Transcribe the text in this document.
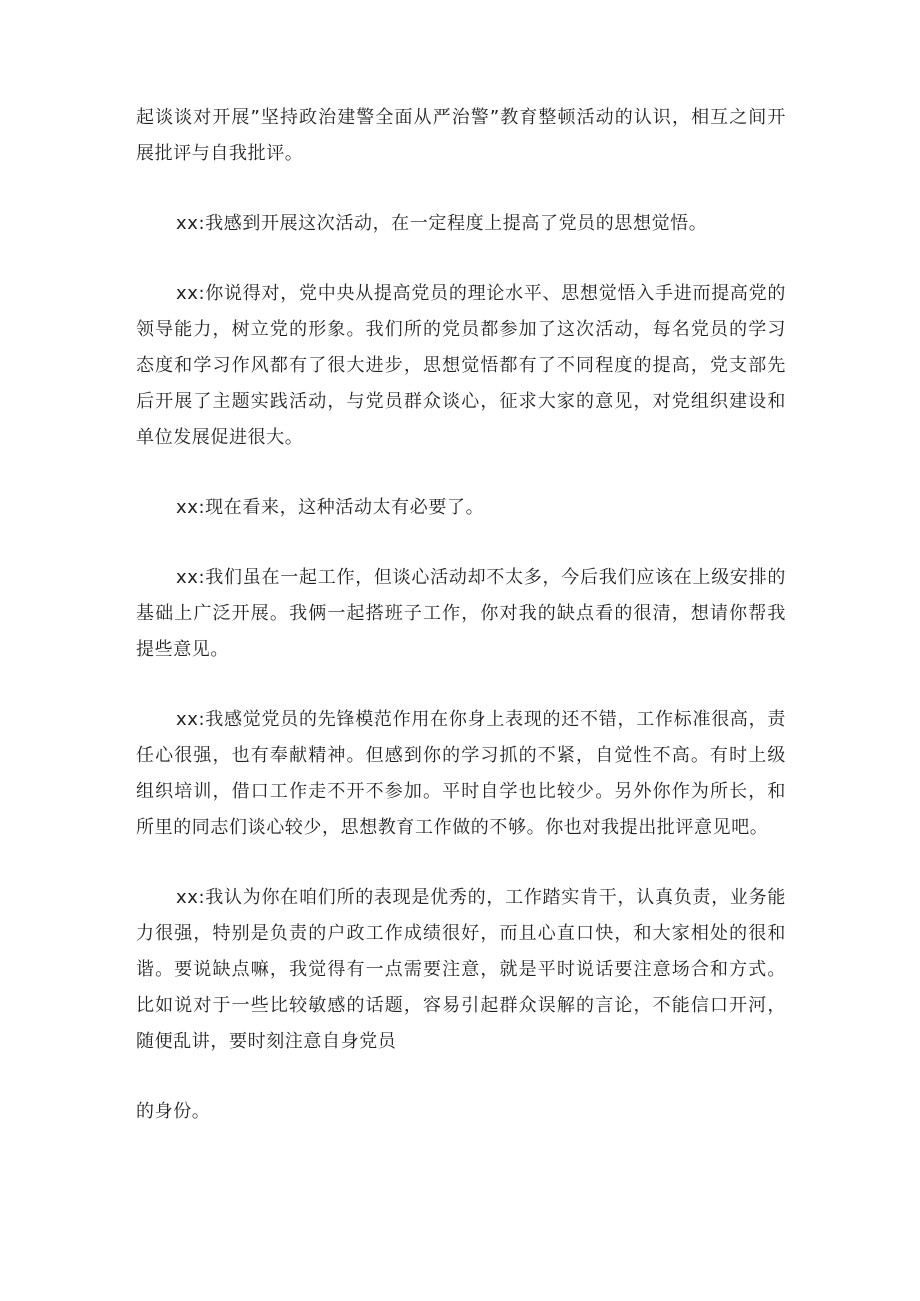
起谈谈对开展”坚持政治建警全面从严治警”教育整顿活动的认识，相互之间开展批评与自我批评。

xx:我感到开展这次活动，在一定程度上提高了党员的思想觉悟。

xx:你说得对，党中央从提高党员的理论水平、思想觉悟入手进而提高党的领导能力，树立党的形象。我们所的党员都参加了这次活动，每名党员的学习态度和学习作风都有了很大进步，思想觉悟都有了不同程度的提高，党支部先后开展了主题实践活动，与党员群众谈心，征求大家的意见，对党组织建设和单位发展促进很大。

xx:现在看来，这种活动太有必要了。

xx:我们虽在一起工作，但谈心活动却不太多，今后我们应该在上级安排的基础上广泛开展。我俩一起搭班子工作，你对我的缺点看的很清，想请你帮我提些意见。

xx:我感觉党员的先锋模范作用在你身上表现的还不错，工作标准很高，责任心很强，也有奉献精神。但感到你的学习抓的不紧，自觉性不高。有时上级组织培训，借口工作走不开不参加。平时自学也比较少。另外你作为所长，和所里的同志们谈心较少，思想教育工作做的不够。你也对我提出批评意见吧。

xx:我认为你在咱们所的表现是优秀的，工作踏实肯干，认真负责，业务能力很强，特别是负责的户政工作成绩很好，而且心直口快，和大家相处的很和谐。要说缺点嘛，我觉得有一点需要注意，就是平时说话要注意场合和方式。比如说对于一些比较敏感的话题，容易引起群众误解的言论，不能信口开河，随便乱讲，要时刻注意自身党员

的身份。
